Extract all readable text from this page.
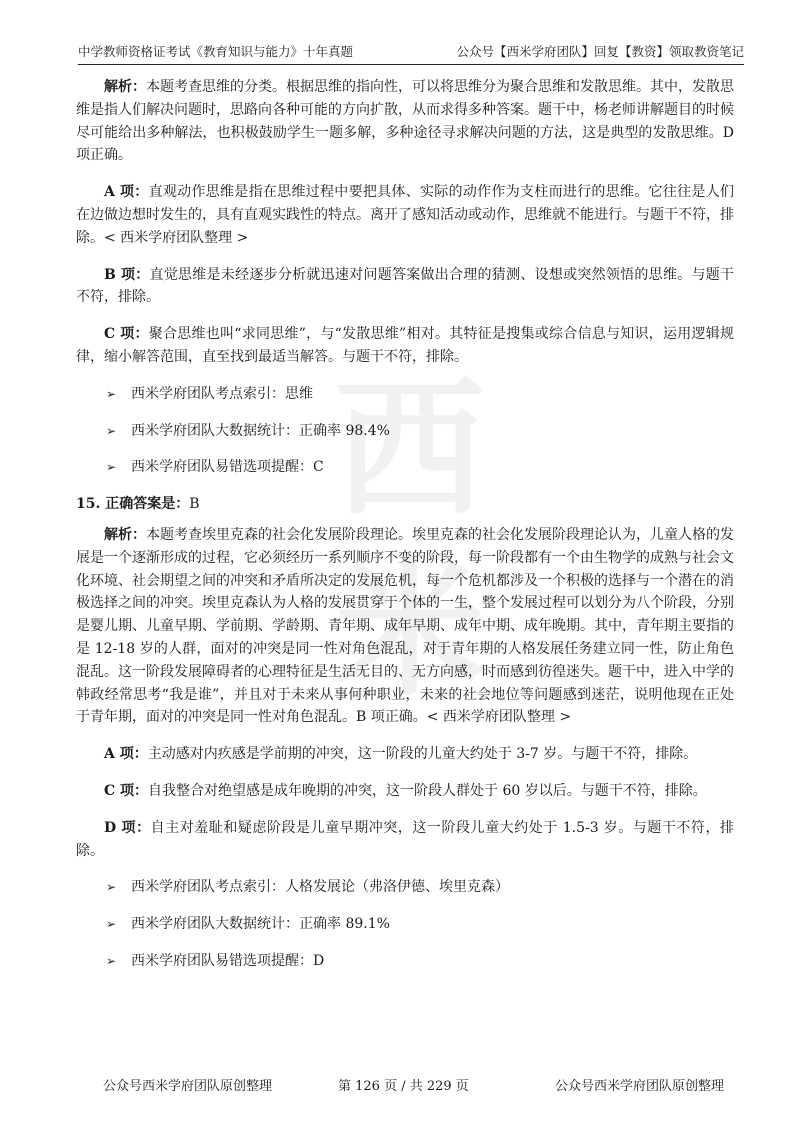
中学教师资格证考试《教育知识与能力》十年真题	公众号【西米学府团队】回复【教资】领取教资笔记
西米

解析：本题考查思维的分类。根据思维的指向性，可以将思维分为聚合思维和发散思维。其中，发散思维是指人们解决问题时，思路向各种可能的方向扩散，从而求得多种答案。题干中，杨老师讲解题目的时候尽可能给出多种解法，也积极鼓励学生一题多解，多种途径寻求解决问题的方法，这是典型的发散思维。D 项正确。

A 项：直观动作思维是指在思维过程中要把具体、实际的动作作为支柱而进行的思维。它往往是人们在边做边想时发生的，具有直观实践性的特点。离开了感知活动或动作，思维就不能进行。与题干不符，排除。< 西米学府团队整理 >

B 项：直觉思维是未经逐步分析就迅速对问题答案做出合理的猜测、设想或突然领悟的思维。与题干不符，排除。

C 项：聚合思维也叫“求同思维”，与“发散思维”相对。其特征是搜集或综合信息与知识，运用逻辑规律，缩小解答范围，直至找到最适当解答。与题干不符，排除。

➢ 西米学府团队考点索引：思维
➢ 西米学府团队大数据统计：正确率 98.4%
➢ 西米学府团队易错选项提醒：C

15. 正确答案是：B

解析：本题考查埃里克森的社会化发展阶段理论。埃里克森的社会化发展阶段理论认为，儿童人格的发展是一个逐渐形成的过程，它必须经历一系列顺序不变的阶段，每一阶段都有一个由生物学的成熟与社会文化环境、社会期望之间的冲突和矛盾所决定的发展危机，每一个危机都涉及一个积极的选择与一个潜在的消极选择之间的冲突。埃里克森认为人格的发展贯穿于个体的一生，整个发展过程可以划分为八个阶段，分别是婴儿期、儿童早期、学前期、学龄期、青年期、成年早期、成年中期、成年晚期。其中，青年期主要指的是 12-18 岁的人群，面对的冲突是同一性对角色混乱，对于青年期的人格发展任务建立同一性，防止角色混乱。这一阶段发展障碍者的心理特征是生活无目的、无方向感，时而感到彷徨迷失。题干中，进入中学的韩政经常思考“我是谁”，并且对于未来从事何种职业，未来的社会地位等问题感到迷茫，说明他现在正处于青年期，面对的冲突是同一性对角色混乱。B 项正确。< 西米学府团队整理 >

A 项：主动感对内疚感是学前期的冲突，这一阶段的儿童大约处于 3-7 岁。与题干不符，排除。

C 项：自我整合对绝望感是成年晚期的冲突，这一阶段人群处于 60 岁以后。与题干不符，排除。

D 项：自主对羞耻和疑虑阶段是儿童早期冲突，这一阶段儿童大约处于 1.5-3 岁。与题干不符，排除。

➢ 西米学府团队考点索引：人格发展论（弗洛伊德、埃里克森）
➢ 西米学府团队大数据统计：正确率 89.1%
➢ 西米学府团队易错选项提醒：D
公众号西米学府团队原创整理	第 126 页 / 共 229 页	公众号西米学府团队原创整理
